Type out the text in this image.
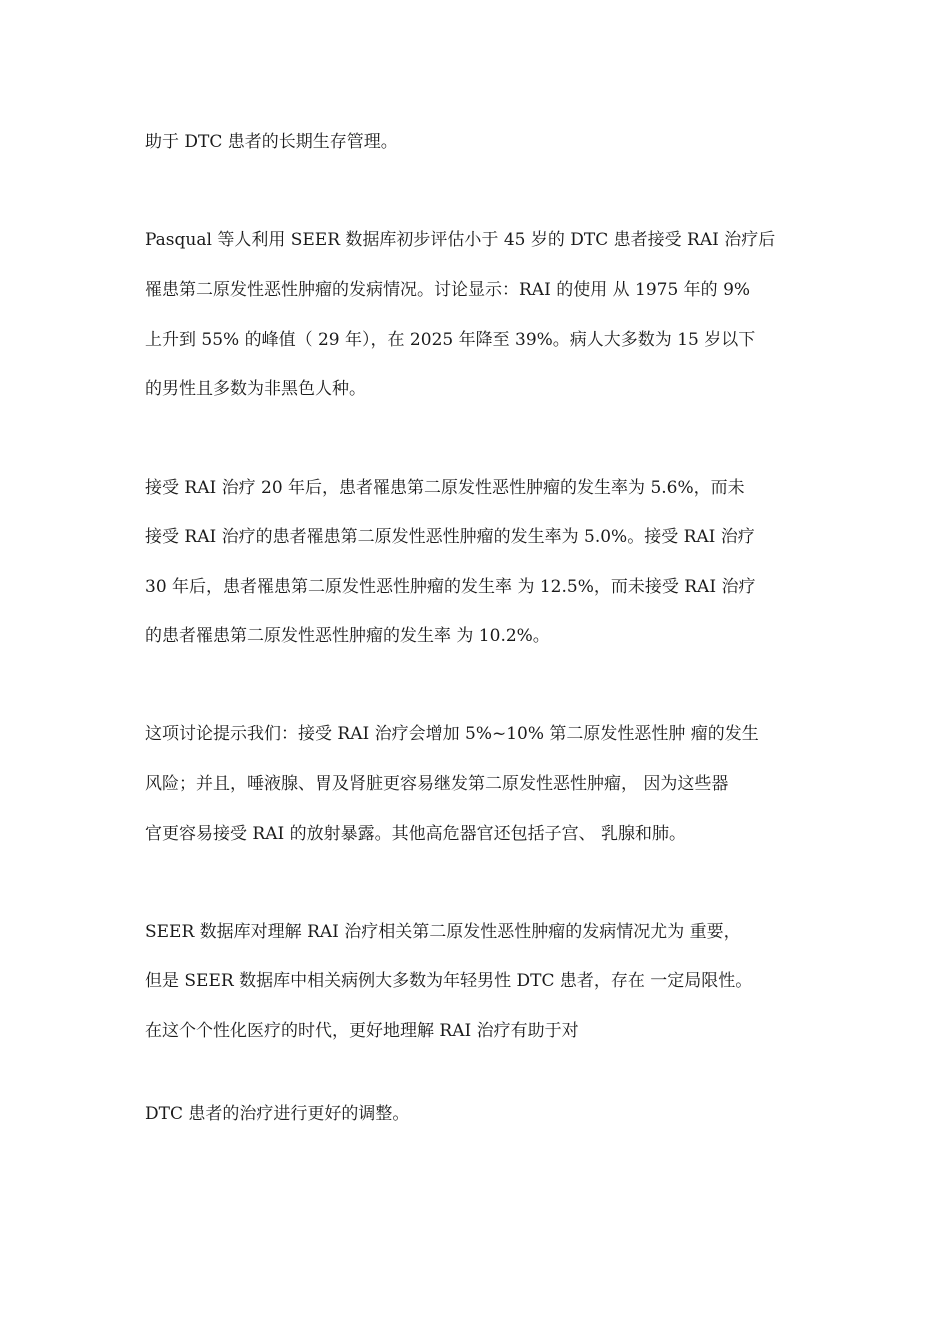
助于 DTC 患者的长期生存管理。
Pasqual 等人利用 SEER 数据库初步评估小于 45 岁的 DTC 患者接受 RAI 治疗后
罹患第二原发性恶性肿瘤的发病情况。讨论显示：RAI 的使用 从 1975 年的 9%
上升到 55% 的峰值（ 29 年），在 2025 年降至 39%。病人大多数为 15 岁以下
的男性且多数为非黑色人种。
接受 RAI 治疗 20 年后，患者罹患第二原发性恶性肿瘤的发生率为 5.6%，而未
接受 RAI 治疗的患者罹患第二原发性恶性肿瘤的发生率为 5.0%。接受 RAI 治疗
30 年后，患者罹患第二原发性恶性肿瘤的发生率 为 12.5%，而未接受 RAI 治疗
的患者罹患第二原发性恶性肿瘤的发生率 为 10.2%。
这项讨论提示我们：接受 RAI 治疗会增加 5%~10% 第二原发性恶性肿 瘤的发生
风险；并且，唾液腺、胃及肾脏更容易继发第二原发性恶性肿瘤， 因为这些器
官更容易接受 RAI 的放射暴露。其他高危器官还包括子宫、 乳腺和肺。
SEER 数据库对理解 RAI 治疗相关第二原发性恶性肿瘤的发病情况尤为 重要，
但是 SEER 数据库中相关病例大多数为年轻男性 DTC 患者，存在 一定局限性。
在这个个性化医疗的时代，更好地理解 RAI 治疗有助于对
DTC 患者的治疗进行更好的调整。
